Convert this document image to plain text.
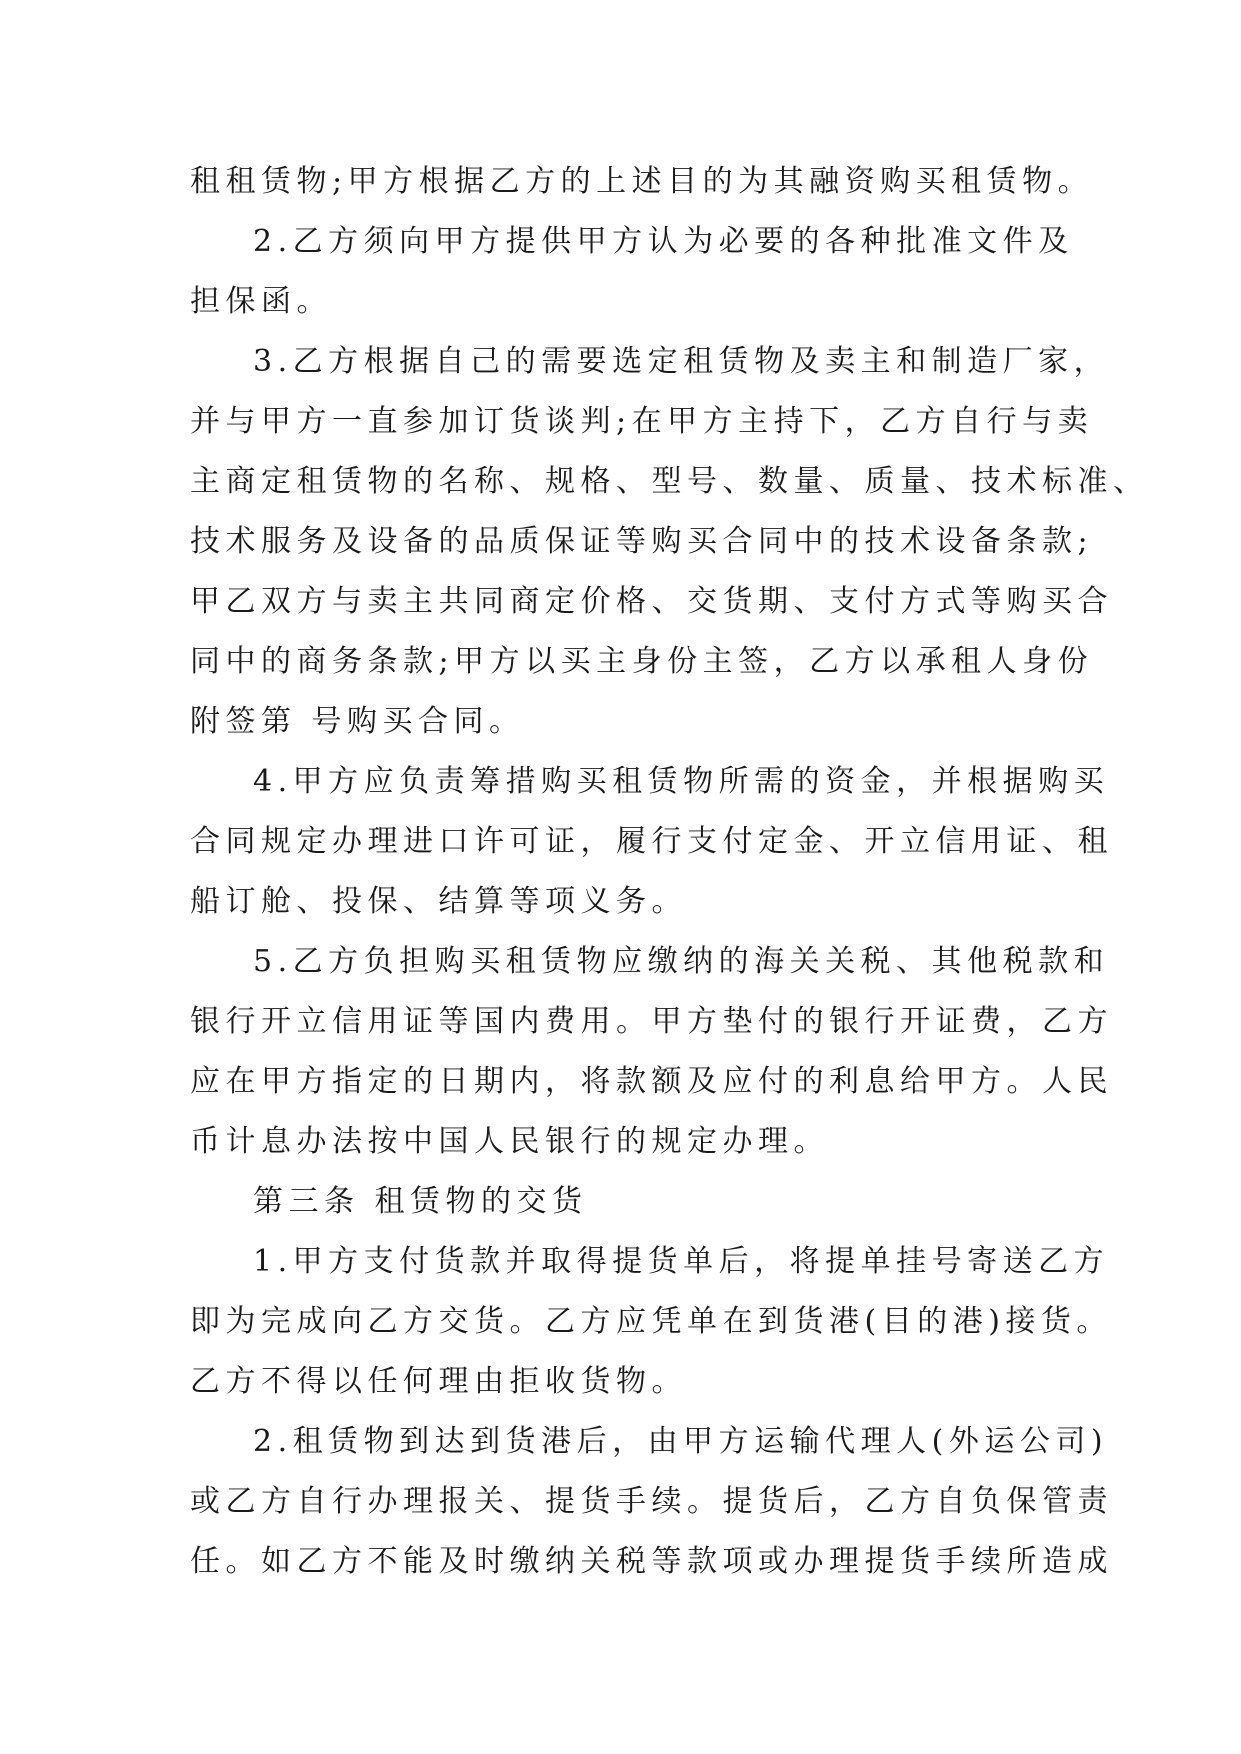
租租赁物;甲方根据乙方的上述目的为其融资购买租赁物。
2.乙方须向甲方提供甲方认为必要的各种批准文件及
担保函。
3.乙方根据自己的需要选定租赁物及卖主和制造厂家，
并与甲方一直参加订货谈判;在甲方主持下，乙方自行与卖
主商定租赁物的名称、规格、型号、数量、质量、技术标准、
技术服务及设备的品质保证等购买合同中的技术设备条款;
甲乙双方与卖主共同商定价格、交货期、支付方式等购买合
同中的商务条款;甲方以买主身份主签，乙方以承租人身份
附签第 号购买合同。
4.甲方应负责筹措购买租赁物所需的资金，并根据购买
合同规定办理进口许可证，履行支付定金、开立信用证、租
船订舱、投保、结算等项义务。
5.乙方负担购买租赁物应缴纳的海关关税、其他税款和
银行开立信用证等国内费用。甲方垫付的银行开证费，乙方
应在甲方指定的日期内，将款额及应付的利息给甲方。人民
币计息办法按中国人民银行的规定办理。
第三条 租赁物的交货
1.甲方支付货款并取得提货单后，将提单挂号寄送乙方
即为完成向乙方交货。乙方应凭单在到货港(目的港)接货。
乙方不得以任何理由拒收货物。
2.租赁物到达到货港后，由甲方运输代理人(外运公司)
或乙方自行办理报关、提货手续。提货后，乙方自负保管责
任。如乙方不能及时缴纳关税等款项或办理提货手续所造成
